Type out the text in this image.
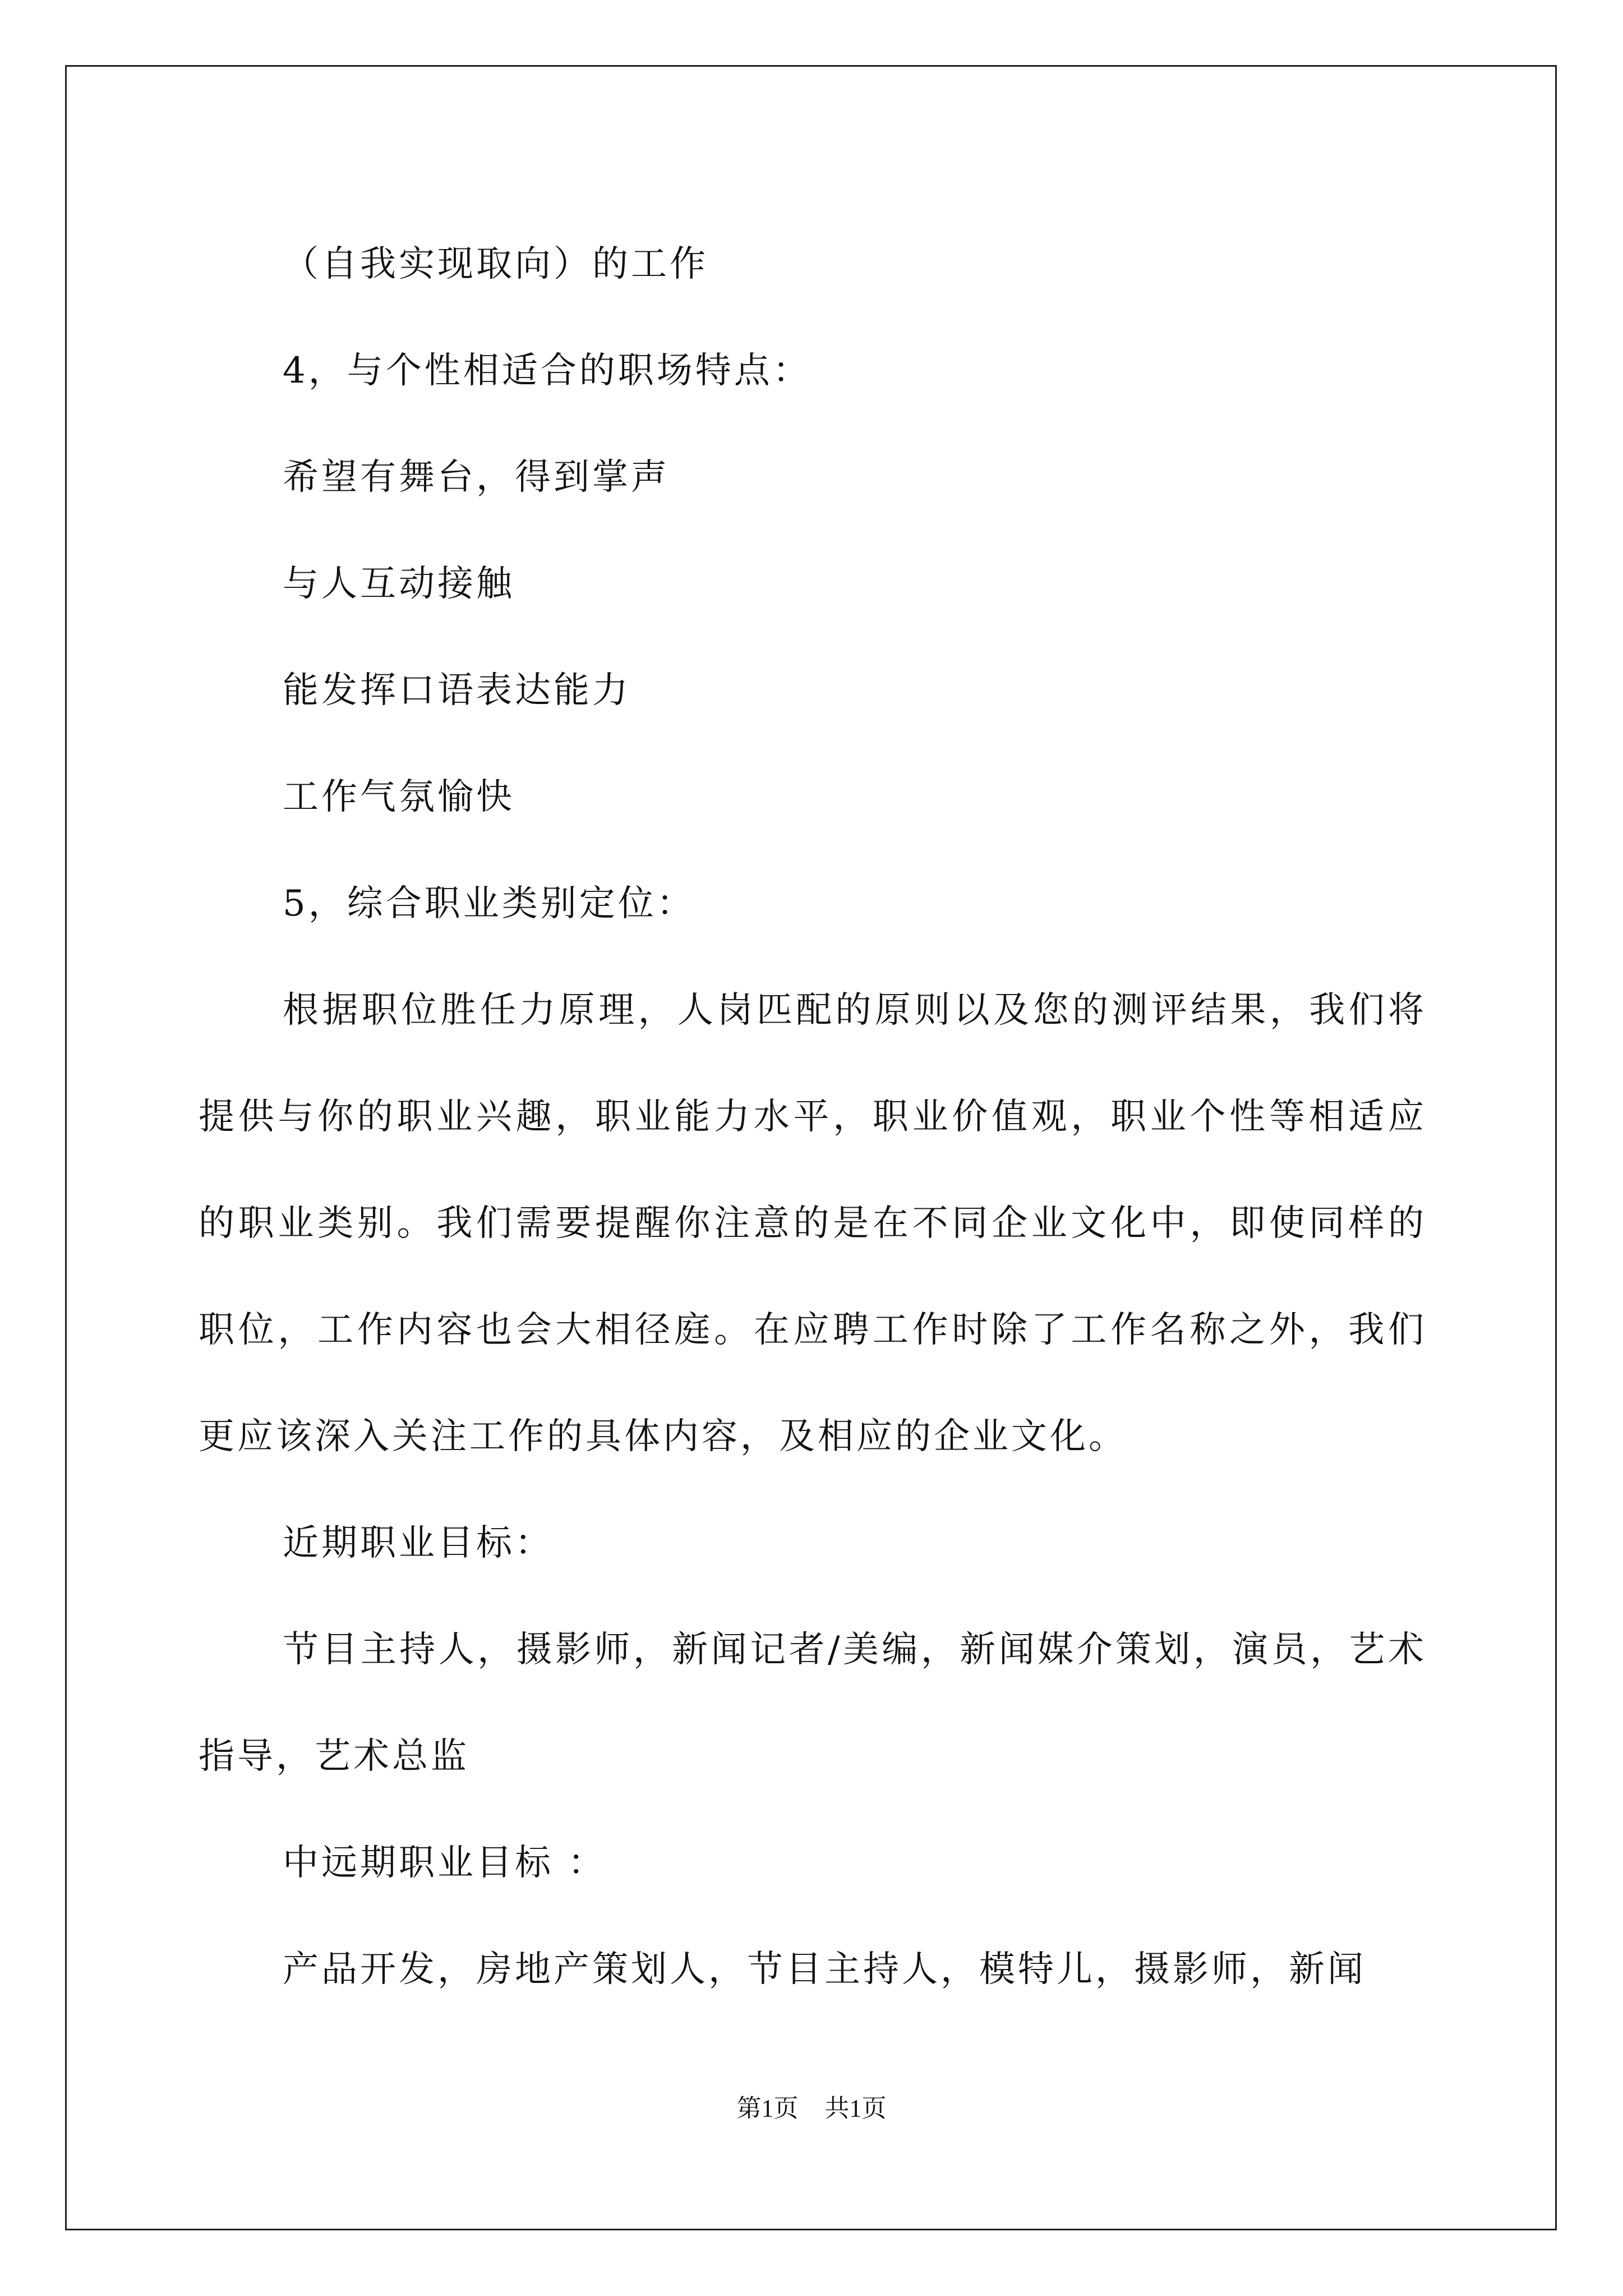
（自我实现取向）的工作

4，与个性相适合的职场特点：

希望有舞台，得到掌声

与人互动接触

能发挥口语表达能力

工作气氛愉快

5，综合职业类别定位：

根据职位胜任力原理，人岗匹配的原则以及您的测评结果，我们将提供与你的职业兴趣，职业能力水平，职业价值观，职业个性等相适应的职业类别。我们需要提醒你注意的是在不同企业文化中，即使同样的职位，工作内容也会大相径庭。在应聘工作时除了工作名称之外，我们更应该深入关注工作的具体内容，及相应的企业文化。

近期职业目标：

节目主持人，摄影师，新闻记者/美编，新闻媒介策划，演员，艺术指导，艺术总监

中远期职业目标 ：

产品开发，房地产策划人，节目主持人，模特儿，摄影师，新闻

第1页 共1页
